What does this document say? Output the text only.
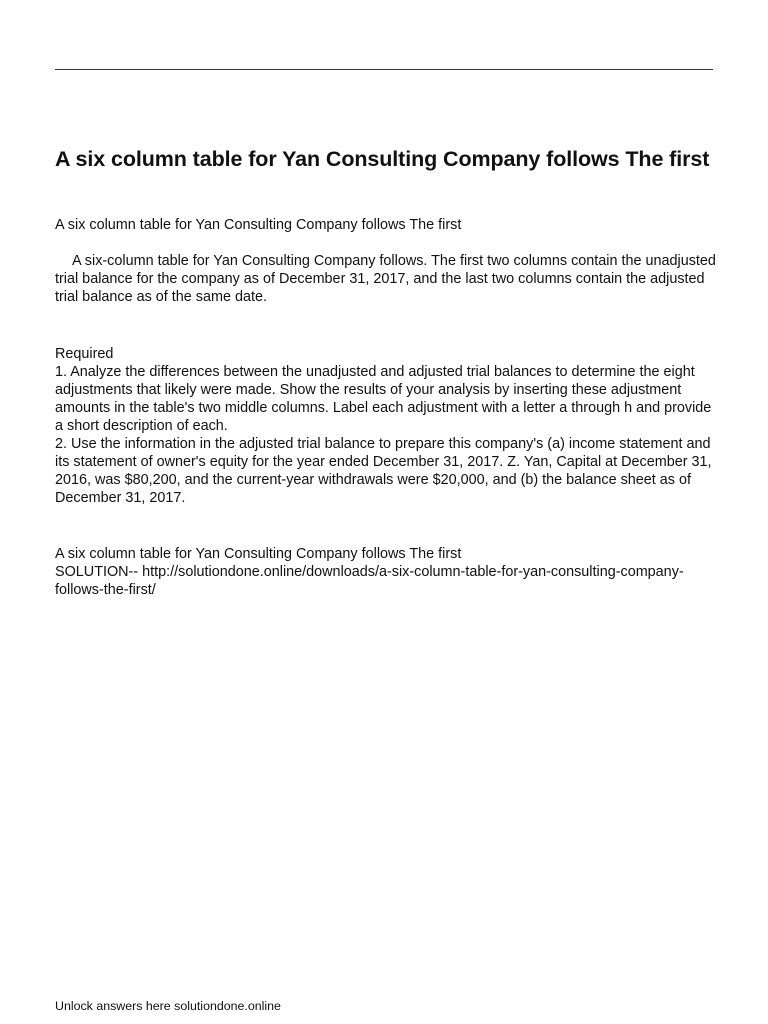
A six column table for Yan Consulting Company follows The first

A six column table for Yan Consulting Company follows The first

A six-column table for Yan Consulting Company follows. The first two columns contain the unadjusted trial balance for the company as of December 31, 2017, and the last two columns contain the adjusted trial balance as of the same date.

Required

1. Analyze the differences between the unadjusted and adjusted trial balances to determine the eight adjustments that likely were made. Show the results of your analysis by inserting these adjustment amounts in the table's two middle columns. Label each adjustment with a letter a through h and provide a short description of each.

2. Use the information in the adjusted trial balance to prepare this company's (a) income statement and its statement of owner's equity for the year ended December 31, 2017. Z. Yan, Capital at December 31, 2016, was $80,200, and the current-year withdrawals were $20,000, and (b) the balance sheet as of December 31, 2017.

A six column table for Yan Consulting Company follows The first

SOLUTION-- http://solutiondone.online/downloads/a-six-column-table-for-yan-consulting-company-follows-the-first/

Unlock answers here solutiondone.online
